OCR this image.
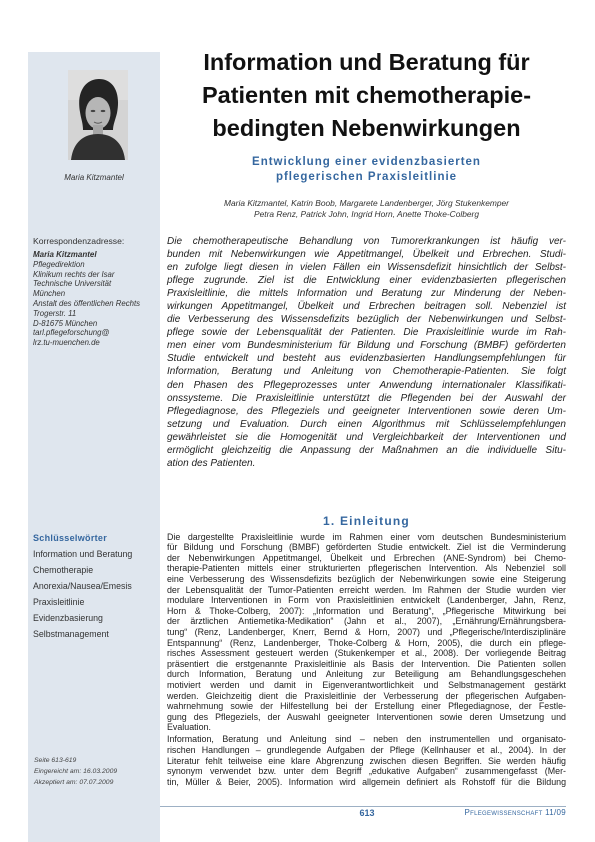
Maria Kitzmantel
Korrespondenzadresse:
Maria Kitzmantel
Pflegedirektion
Klinikum rechts der Isar
Technische Universität
München
Anstalt des öffentlichen Rechts
Trogerstr. 11
D-81675 München
tarl.pflegeforschung@
lrz.tu-muenchen.de
Schlüsselwörter
Information und Beratung
Chemotherapie
Anorexia/Nausea/Emesis
Praxisleitlinie
Evidenzbasierung
Selbstmanagement
Seite 613-619
Eingereicht am: 16.03.2009
Akzeptiert am: 07.07.2009
Information und Beratung für
Patienten mit chemotherapie-
bedingten Nebenwirkungen
Entwicklung einer evidenzbasierten
pflegerischen Praxisleitlinie
Maria Kitzmantel, Katrin Boob, Margarete Landenberger, Jörg Stukenkemper
Petra Renz, Patrick John, Ingrid Horn, Anette Thoke-Colberg
Die chemotherapeutische Behandlung von Tumorerkrankungen ist häufig ver-
bunden mit Nebenwirkungen wie Appetitmangel, Übelkeit und Erbrechen. Studi-
en zufolge liegt diesen in vielen Fällen ein Wissensdefizit hinsichtlich der Selbst-
pflege zugrunde. Ziel ist die Entwicklung einer evidenzbasierten pflegerischen
Praxisleitlinie, die mittels Information und Beratung zur Minderung der Neben-
wirkungen Appetitmangel, Übelkeit und Erbrechen beitragen soll. Nebenziel ist
die Verbesserung des Wissensdefizits bezüglich der Nebenwirkungen und Selbst-
pflege sowie der Lebensqualität der Patienten. Die Praxisleitlinie wurde im Rah-
men einer vom Bundesministerium für Bildung und Forschung (BMBF) geförderten
Studie entwickelt und besteht aus evidenzbasierten Handlungsempfehlungen für
Information, Beratung und Anleitung von Chemotherapie-Patienten. Sie folgt
den Phasen des Pflegeprozesses unter Anwendung internationaler Klassifikati-
onssysteme. Die Praxisleitlinie unterstützt die Pflegenden bei der Auswahl der
Pflegediagnose, des Pflegeziels und geeigneter Interventionen sowie deren Um-
setzung und Evaluation. Durch einen Algorithmus mit Schlüsselempfehlungen
gewährleistet sie die Homogenität und Vergleichbarkeit der Interventionen und
ermöglicht gleichzeitig die Anpassung der Maßnahmen an die individuelle Situ-
ation des Patienten.
1. Einleitung
Die dargestellte Praxisleitlinie wurde im Rahmen einer vom deutschen Bundesministerium
für Bildung und Forschung (BMBF) geförderten Studie entwickelt. Ziel ist die Verminderung
der Nebenwirkungen Appetitmangel, Übelkeit und Erbrechen (ANE-Syndrom) bei Chemo-
therapie-Patienten mittels einer strukturierten pflegerischen Intervention. Als Nebenziel soll
eine Verbesserung des Wissensdefizits bezüglich der Nebenwirkungen sowie eine Steigerung
der Lebensqualität der Tumor-Patienten erreicht werden. Im Rahmen der Studie wurden vier
modulare Interventionen in Form von Praxisleitlinien entwickelt (Landenberger, Jahn, Renz,
Horn & Thoke-Colberg, 2007): „Information und Beratung“, „Pflegerische Mitwirkung bei
der ärztlichen Antiemetika-Medikation“ (Jahn et al., 2007), „Ernährung/Ernährungsbera-
tung“ (Renz, Landenberger, Knerr, Bernd & Horn, 2007) und „Pflegerische/Interdisziplinäre
Entspannung“ (Renz, Landenberger, Thoke-Colberg & Horn, 2005), die durch ein pflege-
risches Assessment gesteuert werden (Stukenkemper et al., 2008). Der vorliegende Beitrag
präsentiert die erstgenannte Praxisleitlinie als Basis der Intervention. Die Patienten sollen
durch Information, Beratung und Anleitung zur Beteiligung am Behandlungsgeschehen
motiviert werden und damit in Eigenverantwortlichkeit und Selbstmanagement gestärkt
werden. Gleichzeitig dient die Praxisleitlinie der Verbesserung der pflegerischen Aufgaben-
wahrnehmung sowie der Hilfestellung bei der Erstellung einer Pflegediagnose, der Festle-
gung des Pflegeziels, der Auswahl geeigneter Interventionen sowie deren Umsetzung und
Evaluation.
Information, Beratung und Anleitung sind – neben den instrumentellen und organisato-
rischen Handlungen – grundlegende Aufgaben der Pflege (Kellnhauser et al., 2004). In der
Literatur fehlt teilweise eine klare Abgrenzung zwischen diesen Begriffen. Sie werden häufig
synonym verwendet bzw. unter dem Begriff „edukative Aufgaben“ zusammengefasst (Mer-
tin, Müller & Beier, 2005). Information wird allgemein definiert als Rohstoff für die Bildung
613	Pflegewissenschaft 11/09
